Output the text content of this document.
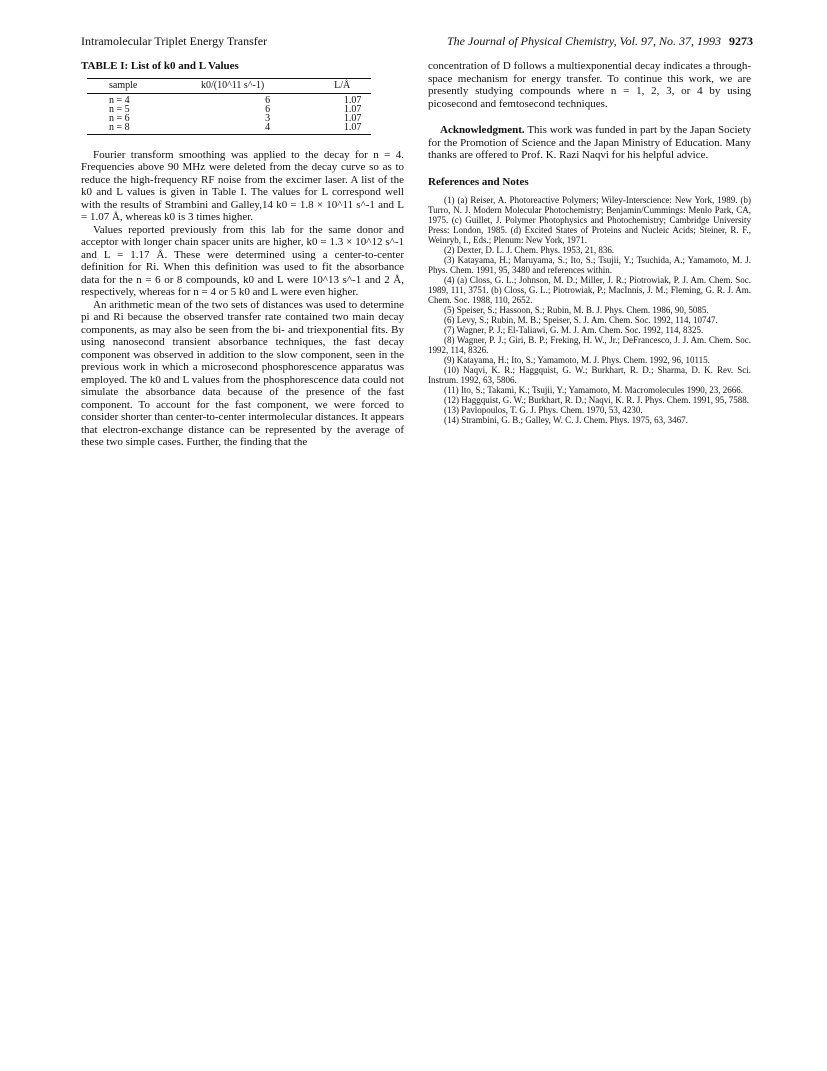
Intramolecular Triplet Energy Transfer	The Journal of Physical Chemistry, Vol. 97, No. 37, 1993 9273
TABLE I: List of k0 and L Values
sample	k0/(10^11 s^-1)	L/Å
n = 4	6	1.07
n = 5	6	1.07
n = 6	3	1.07
n = 8	4	1.07

Fourier transform smoothing was applied to the decay for n = 4. Frequencies above 90 MHz were deleted from the decay curve so as to reduce the high-frequency RF noise from the excimer laser. A list of the k0 and L values is given in Table I. The values for L correspond well with the results of Strambini and Galley,14 k0 = 1.8 × 10^11 s^-1 and L = 1.07 Å, whereas k0 is 3 times higher.

Values reported previously from this lab for the same donor and acceptor with longer chain spacer units are higher, k0 = 1.3 × 10^12 s^-1 and L = 1.17 Å. These were determined using a center-to-center definition for Ri. When this definition was used to fit the absorbance data for the n = 6 or 8 compounds, k0 and L were 10^13 s^-1 and 2 Å, respectively, whereas for n = 4 or 5 k0 and L were even higher.

An arithmetic mean of the two sets of distances was used to determine pi and Ri because the observed transfer rate contained two main decay components, as may also be seen from the bi- and triexponential fits. By using nanosecond transient absorbance techniques, the fast decay component was observed in addition to the slow component, seen in the previous work in which a microsecond phosphorescence apparatus was employed. The k0 and L values from the phosphorescence data could not simulate the absorbance data because of the presence of the fast component. To account for the fast component, we were forced to consider shorter than center-to-center intermolecular distances. It appears that electron-exchange distance can be represented by the average of these two simple cases. Further, the finding that the

concentration of D follows a multiexponential decay indicates a through-space mechanism for energy transfer. To continue this work, we are presently studying compounds where n = 1, 2, 3, or 4 by using picosecond and femtosecond techniques.

Acknowledgment. This work was funded in part by the Japan Society for the Promotion of Science and the Japan Ministry of Education. Many thanks are offered to Prof. K. Razi Naqvi for his helpful advice.

References and Notes

(1) (a) Reiser, A. Photoreactive Polymers; Wiley-Interscience: New York, 1989. (b) Turro, N. J. Modern Molecular Photochemistry; Benjamin/Cummings: Menlo Park, CA, 1975. (c) Guillet, J. Polymer Photophysics and Photochemistry; Cambridge University Press: London, 1985. (d) Excited States of Proteins and Nucleic Acids; Steiner, R. F., Weinryb, I., Eds.; Plenum: New York, 1971.

(2) Dexter, D. L. J. Chem. Phys. 1953, 21, 836.

(3) Katayama, H.; Maruyama, S.; Ito, S.; Tsujii, Y.; Tsuchida, A.; Yamamoto, M. J. Phys. Chem. 1991, 95, 3480 and references within.

(4) (a) Closs, G. L.; Johnson, M. D.; Miller, J. R.; Piotrowiak, P. J. Am. Chem. Soc. 1989, 111, 3751. (b) Closs, G. L.; Piotrowiak, P.; MacInnis, J. M.; Fleming, G. R. J. Am. Chem. Soc. 1988, 110, 2652.

(5) Speiser, S.; Hassoon, S.; Rubin, M. B. J. Phys. Chem. 1986, 90, 5085.

(6) Levy, S.; Rubin, M. B.; Speiser, S. J. Am. Chem. Soc. 1992, 114, 10747.

(7) Wagner, P. J.; El-Taliawi, G. M. J. Am. Chem. Soc. 1992, 114, 8325.

(8) Wagner, P. J.; Giri, B. P.; Freking, H. W., Jr.; DeFrancesco, J. J. Am. Chem. Soc. 1992, 114, 8326.

(9) Katayama, H.; Ito, S.; Yamamoto, M. J. Phys. Chem. 1992, 96, 10115.

(10) Naqvi, K. R.; Haggquist, G. W.; Burkhart, R. D.; Sharma, D. K. Rev. Sci. Instrum. 1992, 63, 5806.

(11) Ito, S.; Takami, K.; Tsujii, Y.; Yamamoto, M. Macromolecules 1990, 23, 2666.

(12) Haggquist, G. W.; Burkhart, R. D.; Naqvi, K. R. J. Phys. Chem. 1991, 95, 7588.

(13) Pavlopoulos, T. G. J. Phys. Chem. 1970, 53, 4230.

(14) Strambini, G. B.; Galley, W. C. J. Chem. Phys. 1975, 63, 3467.
